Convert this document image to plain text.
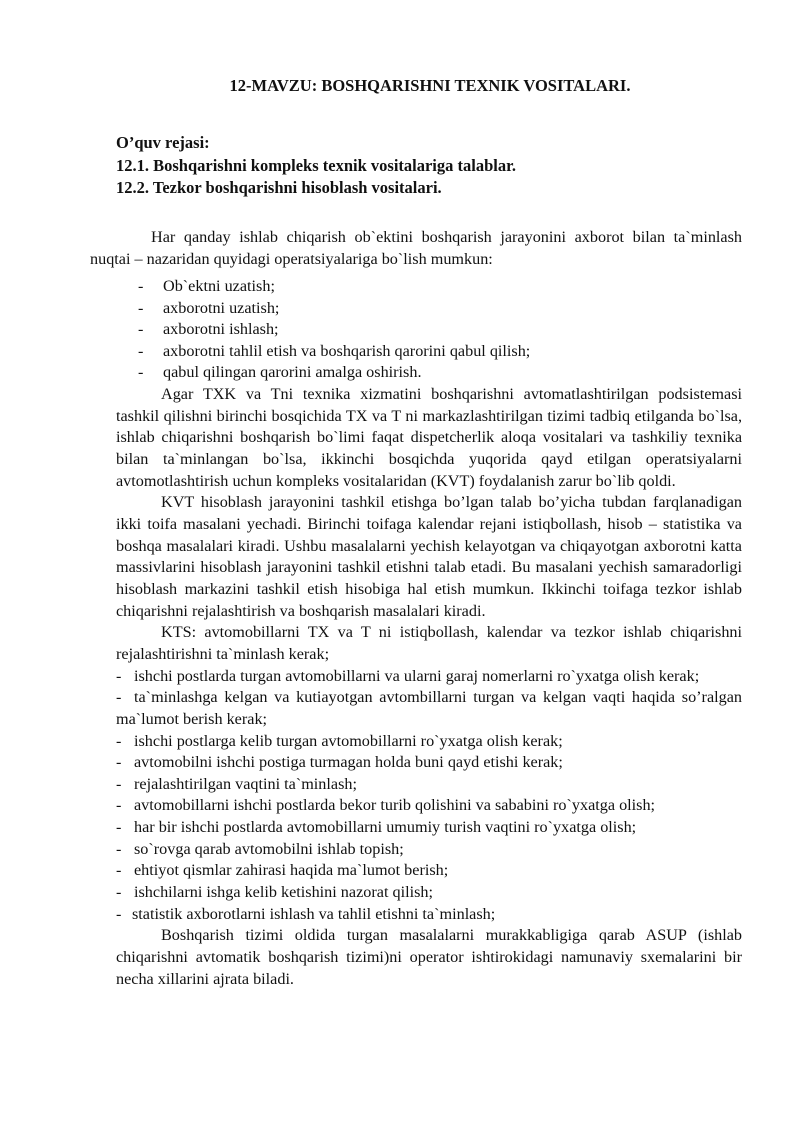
12-MAVZU: BOSHQARISHNI TEXNIK VOSITALARI.
O’quv rejasi:
12.1. Boshqarishni kompleks texnik vositalariga talablar.
12.2. Tezkor boshqarishni hisoblash vositalari.

Har qanday ishlab chiqarish ob`ektini boshqarish jarayonini axborot bilan ta`minlash nuqtai – nazaridan quyidagi operatsiyalariga bo`lish mumkun:

- Ob`ektni uzatish;
- axborotni uzatish;
- axborotni ishlash;
- axborotni tahlil etish va boshqarish qarorini qabul qilish;
- qabul qilingan qarorini amalga oshirish.

Agar TXK va Tni texnika xizmatini boshqarishni avtomatlashtirilgan podsistemasi tashkil qilishni birinchi bosqichida TX va T ni markazlashtirilgan tizimi tadbiq etilganda bo`lsa, ishlab chiqarishni boshqarish bo`limi faqat dispetcherlik aloqa vositalari va tashkiliy texnika bilan ta`minlangan bo`lsa, ikkinchi bosqichda yuqorida qayd etilgan operatsiyalarni avtomotlashtirish uchun kompleks vositalaridan (KVT) foydalanish zarur bo`lib qoldi.

KVT hisoblash jarayonini tashkil etishga bo’lgan talab bo’yicha tubdan farqlanadigan ikki toifa masalani yechadi. Birinchi toifaga kalendar rejani istiqbollash, hisob – statistika va boshqa masalalari kiradi. Ushbu masalalarni yechish kelayotgan va chiqayotgan axborotni katta massivlarini hisoblash jarayonini tashkil etishni talab etadi. Bu masalani yechish samaradorligi hisoblash markazini tashkil etish hisobiga hal etish mumkun. Ikkinchi toifaga tezkor ishlab chiqarishni rejalashtirish va boshqarish masalalari kiradi.

KTS: avtomobillarni TX va T ni istiqbollash, kalendar va tezkor ishlab chiqarishni rejalashtirishni ta`minlash kerak;

- ishchi postlarda turgan avtomobillarni va ularni garaj nomerlarni ro`yxatga olish kerak;
- ta`minlashga kelgan va kutiayotgan avtombillarni turgan va kelgan vaqti haqida so’ralgan ma`lumot berish kerak;
- ishchi postlarga kelib turgan avtomobillarni ro`yxatga olish kerak;
- avtomobilni ishchi postiga turmagan holda buni qayd etishi kerak;
- rejalashtirilgan vaqtini ta`minlash;
- avtomobillarni ishchi postlarda bekor turib qolishini va sababini ro`yxatga olish;
- har bir ishchi postlarda avtomobillarni umumiy turish vaqtini ro`yxatga olish;
- so`rovga qarab avtomobilni ishlab topish;
- ehtiyot qismlar zahirasi haqida ma`lumot berish;
- ishchilarni ishga kelib ketishini nazorat qilish;
- statistik axborotlarni ishlash va tahlil etishni ta`minlash;

Boshqarish tizimi oldida turgan masalalarni murakkabligiga qarab ASUP (ishlab chiqarishni avtomatik boshqarish tizimi)ni operator ishtirokidagi namunaviy sxemalarini bir necha xillarini ajrata biladi.
